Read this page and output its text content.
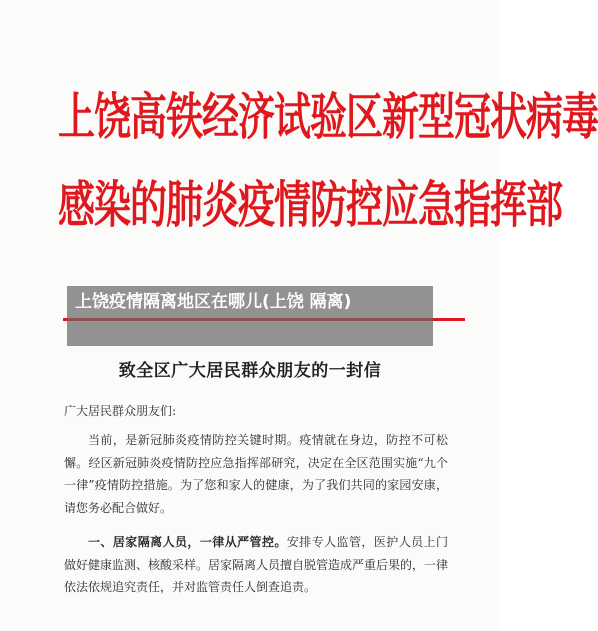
上饶高铁经济试验区新型冠状病毒
感染的肺炎疫情防控应急指挥部
上饶疫情隔离地区在哪儿(上饶 隔离)
致全区广大居民群众朋友的一封信
广大居民群众朋友们:
当前，是新冠肺炎疫情防控关键时期。疫情就在身边，防控不可松懈。经区新冠肺炎疫情防控应急指挥部研究，决定在全区范围实施“九个一律”疫情防控措施。为了您和家人的健康，为了我们共同的家园安康，请您务必配合做好。
一、居家隔离人员，一律从严管控。安排专人监管，医护人员上门做好健康监测、核酸采样。居家隔离人员擅自脱管造成严重后果的，一律依法依规追究责任，并对监管责任人倒查追责。
